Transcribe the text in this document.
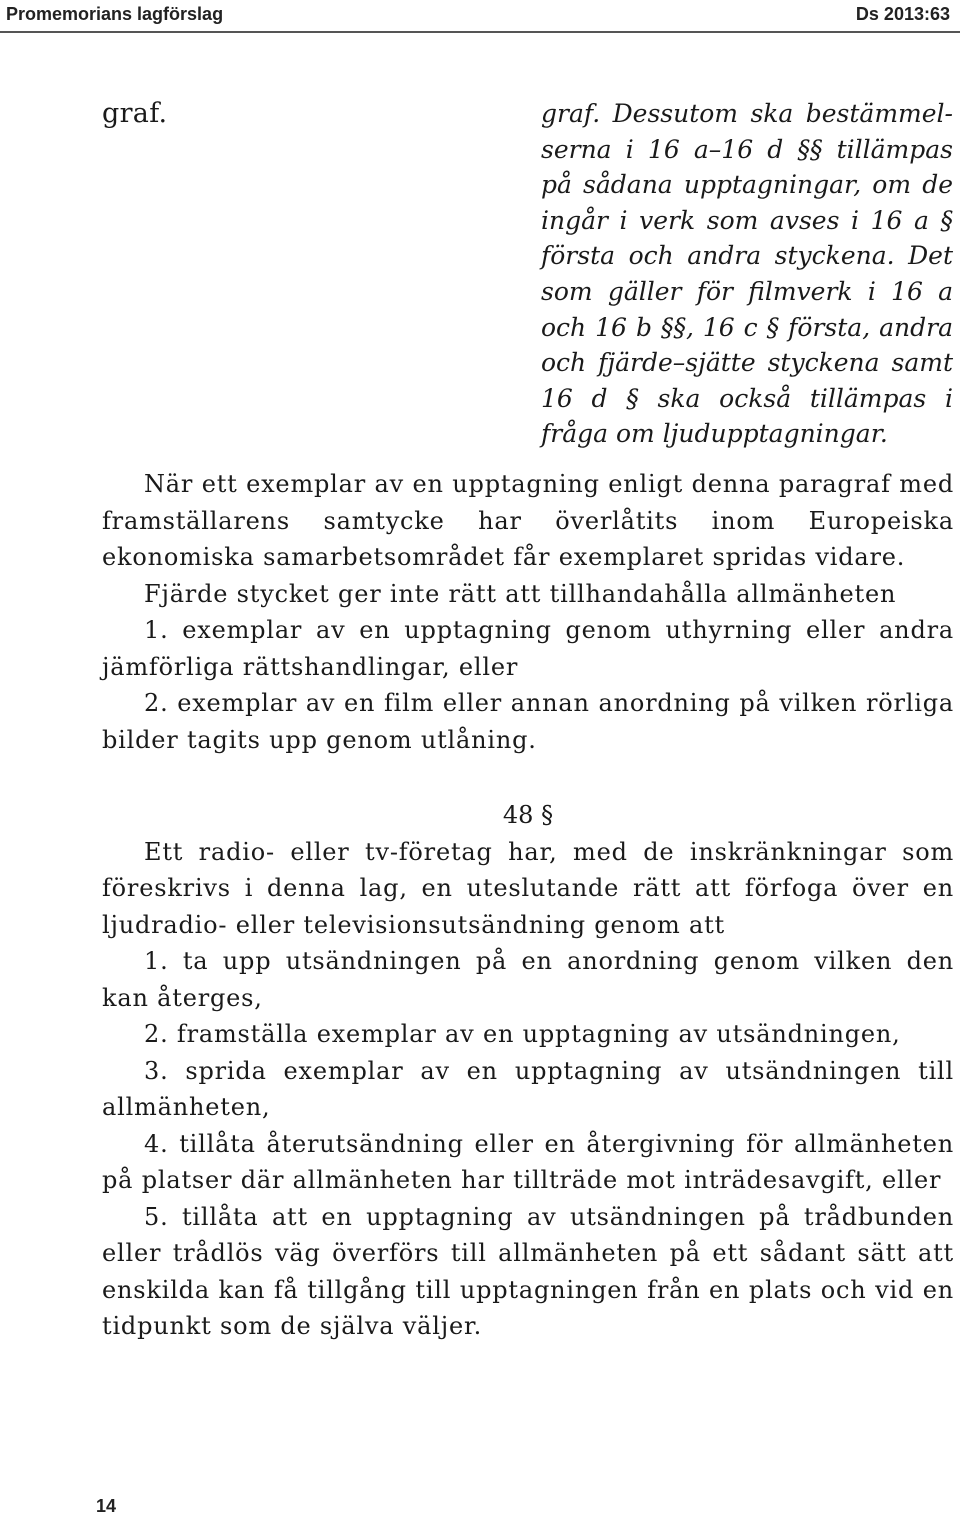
Promemorians lagförslag	Ds 2013:63
graf.	graf. Dessutom ska bestämmel-
serna i 16 a–16 d §§ tillämpas
på sådana upptagningar, om de
ingår i verk som avses i 16 a §
första och andra styckena. Det
som gäller för filmverk i 16 a
och 16 b §§, 16 c § första, andra
och fjärde–sjätte styckena samt
16 d § ska också tillämpas i
fråga om ljudupptagningar.

När ett exemplar av en upptagning enligt denna paragraf med framställarens samtycke har överlåtits inom Europeiska ekonomiska samarbetsområdet får exemplaret spridas vidare.

Fjärde stycket ger inte rätt att tillhandahålla allmänheten

1. exemplar av en upptagning genom uthyrning eller andra jämförliga rättshandlingar, eller

2. exemplar av en film eller annan anordning på vilken rörliga bilder tagits upp genom utlåning.

48 §

Ett radio- eller tv-företag har, med de inskränkningar som föreskrivs i denna lag, en uteslutande rätt att förfoga över en ljudradio- eller televisionsutsändning genom att

1. ta upp utsändningen på en anordning genom vilken den kan återges,

2. framställa exemplar av en upptagning av utsändningen,

3. sprida exemplar av en upptagning av utsändningen till allmänheten,

4. tillåta återutsändning eller en återgivning för allmänheten på platser där allmänheten har tillträde mot inträdesavgift, eller

5. tillåta att en upptagning av utsändningen på trådbunden eller trådlös väg överförs till allmänheten på ett sådant sätt att enskilda kan få tillgång till upptagningen från en plats och vid en tidpunkt som de själva väljer.

14
